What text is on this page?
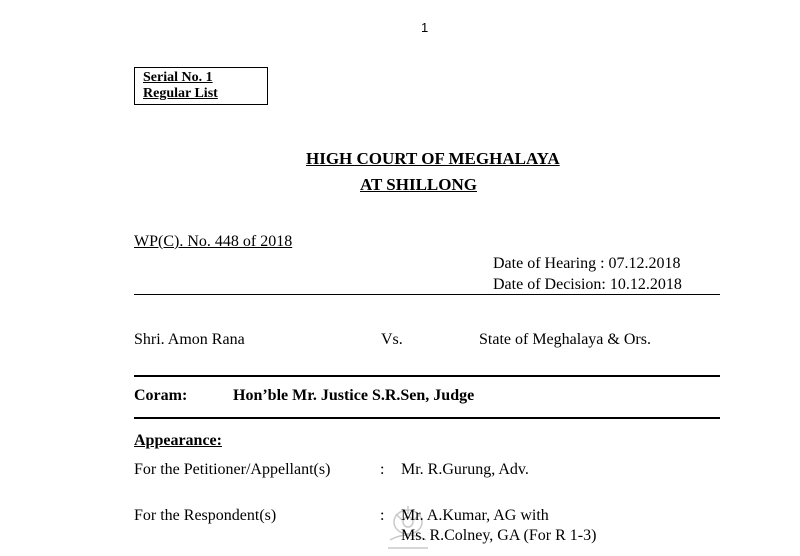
1
Serial No. 1
Regular List
HIGH COURT OF MEGHALAYA
AT SHILLONG
WP(C). No. 448 of 2018
Date of Hearing : 07.12.2018
Date of Decision: 10.12.2018
Shri. Amon Rana	Vs.	State of Meghalaya & Ors.
Coram:	Hon’ble Mr. Justice S.R.Sen, Judge
Appearance:
For the Petitioner/Appellant(s)	: Mr. R.Gurung, Adv.
For the Respondent(s)	: Mr. A.Kumar, AG with
Ms. R.Colney, GA (For R 1-3)
